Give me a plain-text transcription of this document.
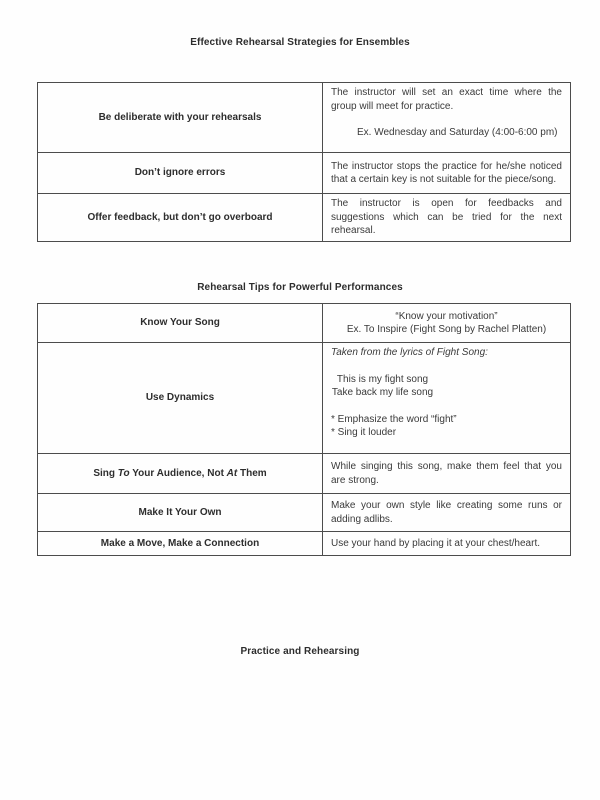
Effective Rehearsal Strategies for Ensembles
Be deliberate with your rehearsals	The instructor will set an exact time where the group will meet for practice.

Ex. Wednesday and Saturday (4:00-6:00 pm)

Don’t ignore errors	The instructor stops the practice for he/she noticed that a certain key is not suitable for the piece/song.

Offer feedback, but don’t go overboard	The instructor is open for feedbacks and suggestions which can be tried for the next rehearsal.

Rehearsal Tips for Powerful Performances
Know Your Song	“Know your motivation”

Ex. To Inspire (Fight Song by Rachel Platten)

Use Dynamics	Taken from the lyrics of Fight Song:

This is my fight song

Take back my life song

* Emphasize the word “fight”

* Sing it louder

Sing To Your Audience, Not At Them	While singing this song, make them feel that you are strong.

Make It Your Own	Make your own style like creating some runs or adding adlibs.

Make a Move, Make a Connection	Use your hand by placing it at your chest/heart.

Practice and Rehearsing
